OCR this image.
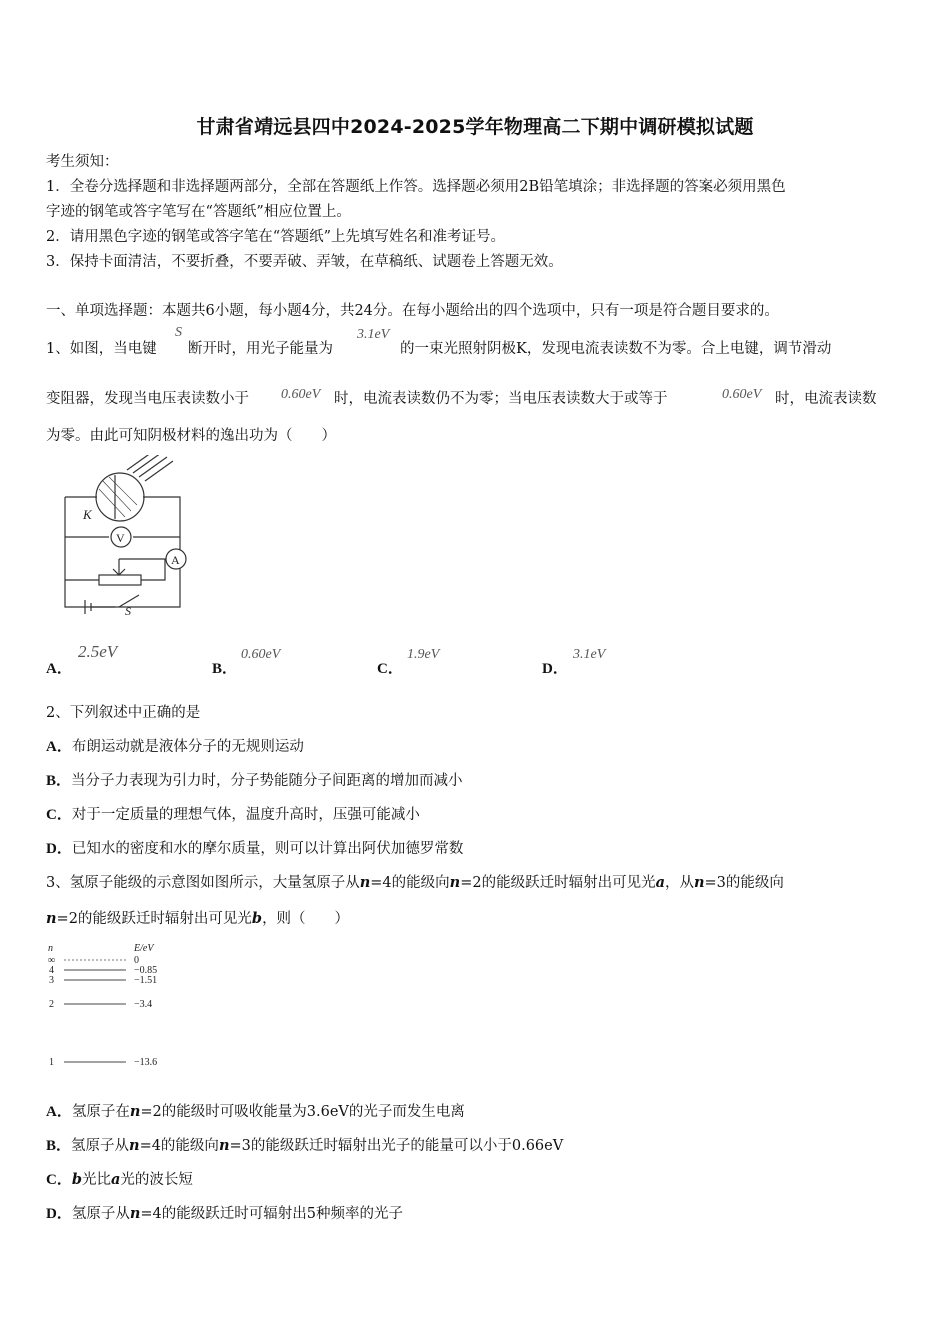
甘肃省靖远县四中2024-2025学年物理高二下期中调研模拟试题
考生须知：
1．全卷分选择题和非选择题两部分，全部在答题纸上作答。选择题必须用2B铅笔填涂；非选择题的答案必须用黑色
字迹的钢笔或答字笔写在“答题纸”相应位置上。
2．请用黑色字迹的钢笔或答字笔在“答题纸”上先填写姓名和准考证号。
3．保持卡面清洁，不要折叠，不要弄破、弄皱，在草稿纸、试题卷上答题无效。
一、单项选择题：本题共6小题，每小题4分，共24分。在每小题给出的四个选项中，只有一项是符合题目要求的。
1、如图，当电键
S
断开时，用光子能量为
3.1eV
的一束光照射阴极K，发现电流表读数不为零。合上电键，调节滑动
变阻器，发现当电压表读数小于 0.60eV 时，电流表读数仍不为零；当电压表读数大于或等于	0.60eV 时，电流表读数
为零。由此可知阴极材料的逸出功为（　　）
K
V
A
S
A．
2.5eV
B．
0.60eV
C．
1.9eV
D．
3.1eV
2、下列叙述中正确的是
A．布朗运动就是液体分子的无规则运动
B．当分子力表现为引力时，分子势能随分子间距离的增加而减小
C．对于一定质量的理想气体，温度升高时，压强可能减小
D．已知水的密度和水的摩尔质量，则可以计算出阿伏加德罗常数
3、氢原子能级的示意图如图所示，大量氢原子从n=4的能级向n=2的能级跃迁时辐射出可见光a，从n=3的能级向
n=2的能级跃迁时辐射出可见光b，则（　　）
n	E/eV
∞	0
4	−0.85
3	−1.51
2	−3.4
1	−13.6
A．氢原子在n=2的能级时可吸收能量为3.6eV的光子而发生电离
B．氢原子从n=4的能级向n=3的能级跃迁时辐射出光子的能量可以小于0.66eV
C．b光比a光的波长短
D．氢原子从n=4的能级跃迁时可辐射出5种频率的光子
